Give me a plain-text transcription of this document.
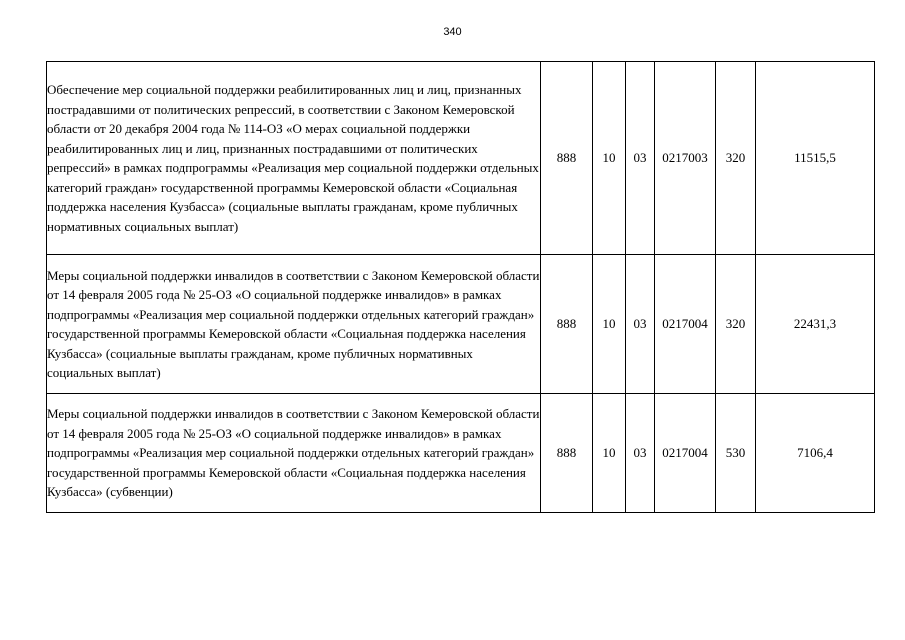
340
Обеспечение мер социальной поддержки реабилитированных лиц и лиц, признанных пострадавшими от политических репрессий, в соответствии с Законом Кемеровской области от 20 декабря 2004 года № 114-ОЗ «О мерах социальной поддержки реабилитированных лиц и лиц, признанных пострадавшими от политических репрессий» в рамках подпрограммы «Реализация мер социальной поддержки отдельных категорий граждан» государственной программы Кемеровской области «Социальная поддержка населения Кузбасса» (социальные выплаты гражданам, кроме публичных нормативных социальных выплат)	888	10	03	0217003	320	11515,5
Меры социальной поддержки инвалидов в соответствии с Законом Кемеровской области от 14 февраля 2005 года № 25-ОЗ «О социальной поддержке инвалидов» в рамках подпрограммы «Реализация мер социальной поддержки отдельных категорий граждан» государственной программы Кемеровской области «Социальная поддержка населения Кузбасса» (социальные выплаты гражданам, кроме публичных нормативных социальных выплат)	888	10	03	0217004	320	22431,3
Меры социальной поддержки инвалидов в соответствии с Законом Кемеровской области от 14 февраля 2005 года № 25-ОЗ «О социальной поддержке инвалидов» в рамках подпрограммы «Реализация мер социальной поддержки отдельных категорий граждан» государственной программы Кемеровской области «Социальная поддержка населения Кузбасса» (субвенции)	888	10	03	0217004	530	7106,4
